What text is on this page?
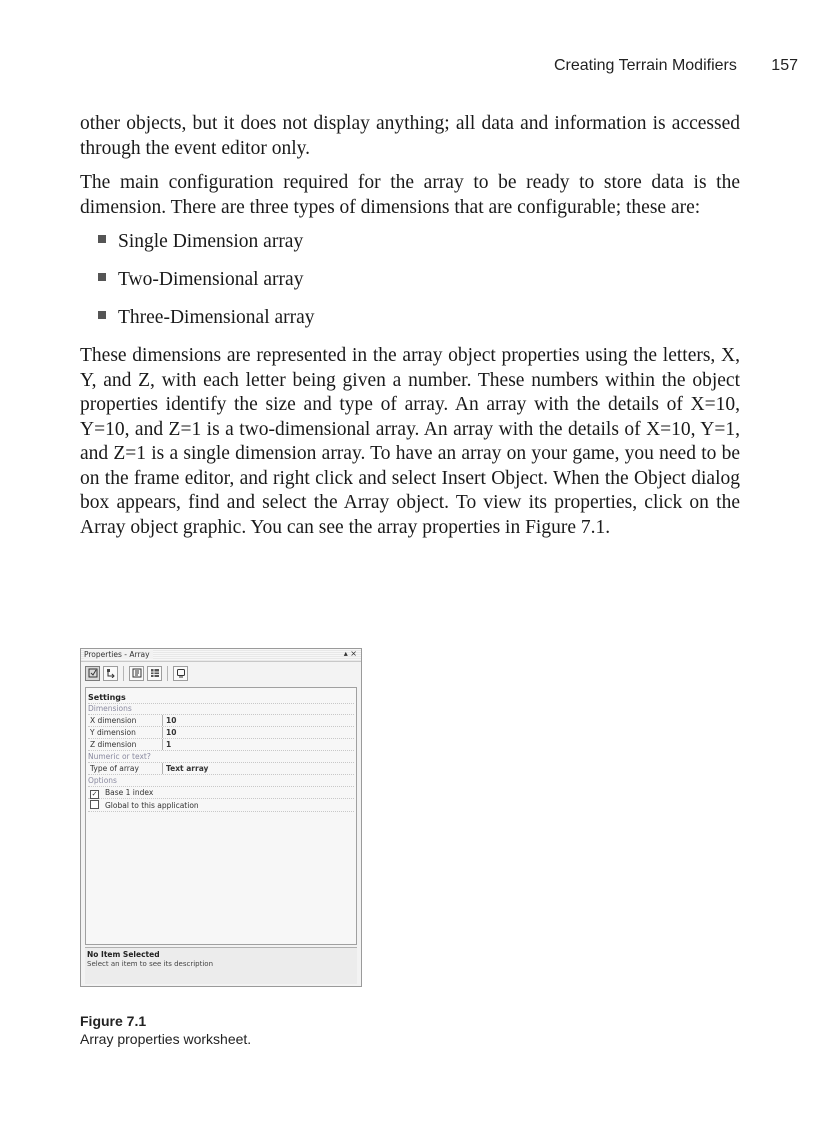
Creating Terrain Modifiers 157

other objects, but it does not display anything; all data and information is accessed through the event editor only.

The main configuration required for the array to be ready to store data is the dimension. There are three types of dimensions that are configurable; these are:

Single Dimension array
Two-Dimensional array
Three-Dimensional array

These dimensions are represented in the array object properties using the letters, X, Y, and Z, with each letter being given a number. These numbers within the object properties identify the size and type of array. An array with the details of X=10, Y=10, and Z=1 is a two-dimensional array. An array with the details of X=10, Y=1, and Z=1 is a single dimension array. To have an array on your game, you need to be on the frame editor, and right click and select Insert Object. When the Object dialog box appears, find and select the Array object. To view its properties, click on the Array object graphic. You can see the array properties in Figure 7.1.

Properties - Array	▴ ×
Settings
Dimensions
X dimension	10
Y dimension	10
Z dimension	1
Numeric or text?
Type of array	Text array
Options
✓ Base 1 index
Global to this application
No Item Selected
Select an item to see its description
Figure 7.1
Array properties worksheet.
